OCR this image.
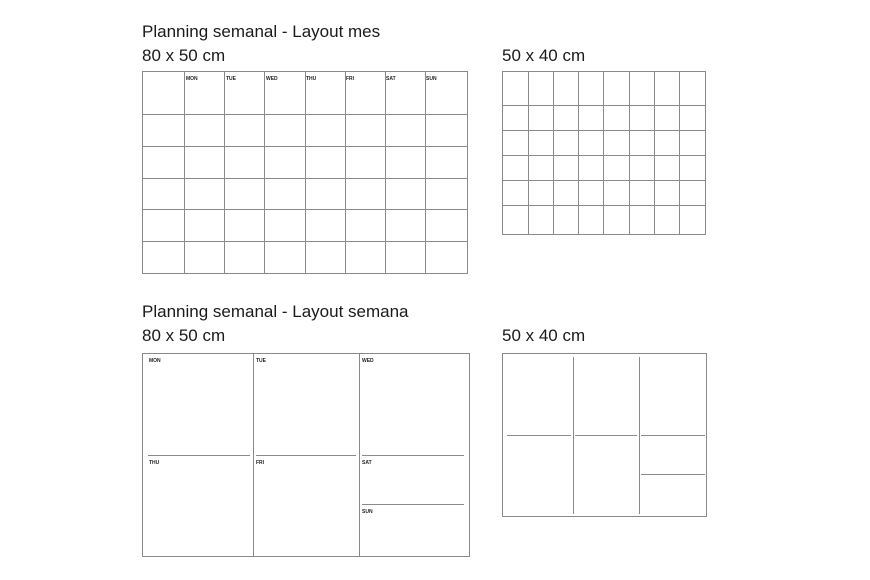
Planning semanal - Layout mes
80 x 50 cm	50 x 40 cm
MON	TUE	WED	THU	FRI	SAT	SUN
Planning semanal - Layout semana
80 x 50 cm	50 x 40 cm
MON	TUE	WED
THU	FRI	SAT
SUN
